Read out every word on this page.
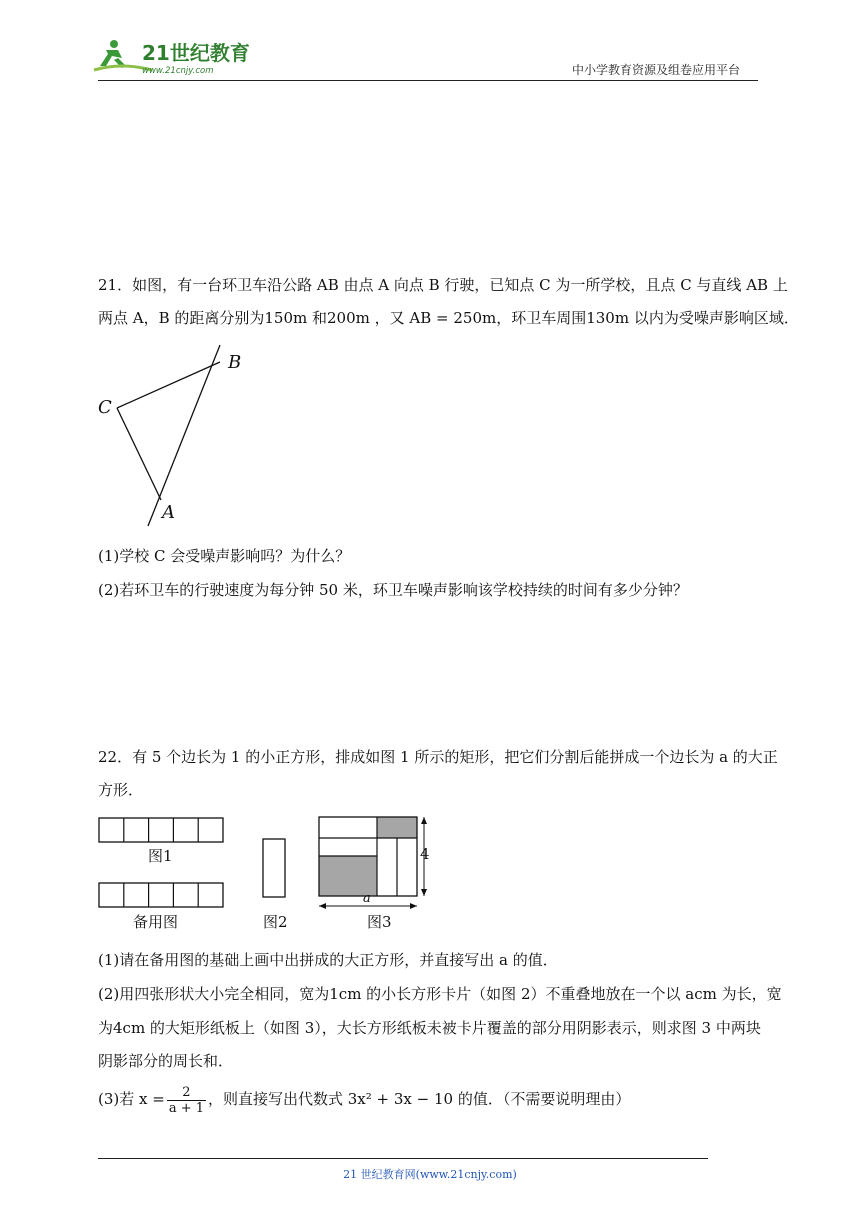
21世纪教育
www.21cnjy.com	中小学教育资源及组卷应用平台
21．如图，有一台环卫车沿公路 AB 由点 A 向点 B 行驶，已知点 C 为一所学校，且点 C 与直线 AB 上
两点 A，B 的距离分别为150m 和200m ，又 AB = 250m，环卫车周围130m 以内为受噪声影响区域．
B
C
A
(1)学校 C 会受噪声影响吗？为什么？
(2)若环卫车的行驶速度为每分钟 50 米，环卫车噪声影响该学校持续的时间有多少分钟？
22．有 5 个边长为 1 的小正方形，排成如图 1 所示的矩形，把它们分割后能拼成一个边长为 a 的大正
方形．
图1
备用图	图2
4
a
图3
(1)请在备用图的基础上画中出拼成的大正方形，并直接写出 a 的值．
(2)用四张形状大小完全相同，宽为1cm 的小长方形卡片（如图 2）不重叠地放在一个以 acm 为长，宽
为4cm 的大矩形纸板上（如图 3），大长方形纸板未被卡片覆盖的部分用阴影表示，则求图 3 中两块
阴影部分的周长和．
(3)若 $x = \frac{2}{a + 1}$ ，则直接写出代数式 3x² + 3x − 10 的值．（不需要说明理由）
21 世纪教育网(www.21cnjy.com)
